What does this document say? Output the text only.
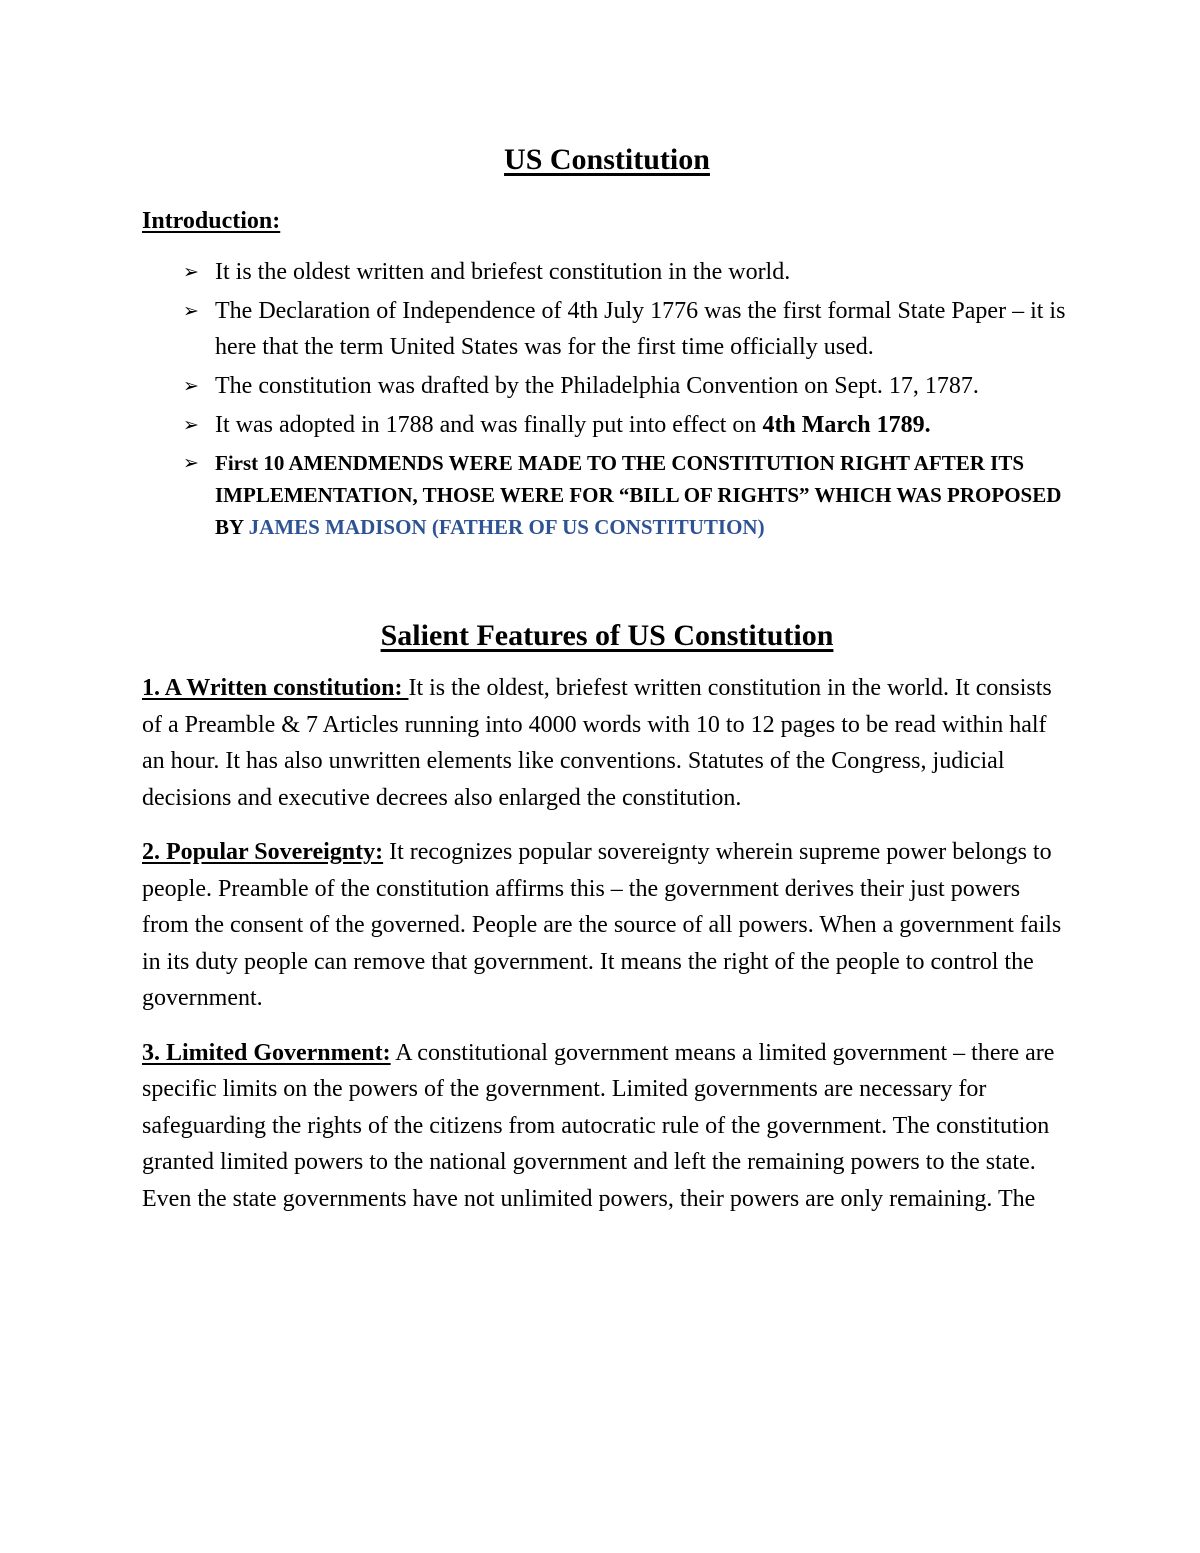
US Constitution
Introduction:
➢ It is the oldest written and briefest constitution in the world.
➢ The Declaration of Independence of 4th July 1776 was the first formal State Paper – it is here that the term United States was for the first time officially used.
➢ The constitution was drafted by the Philadelphia Convention on Sept. 17, 1787.
➢ It was adopted in 1788 and was finally put into effect on 4th March 1789.
➢ First 10 AMENDMENDS WERE MADE TO THE CONSTITUTION RIGHT AFTER ITS IMPLEMENTATION, THOSE WERE FOR “BILL OF RIGHTS” WHICH WAS PROPOSED BY JAMES MADISON (FATHER OF US CONSTITUTION)
Salient Features of US Constitution

1. A Written constitution: It is the oldest, briefest written constitution in the world. It consists of a Preamble & 7 Articles running into 4000 words with 10 to 12 pages to be read within half an hour. It has also unwritten elements like conventions. Statutes of the Congress, judicial decisions and executive decrees also enlarged the constitution.

2. Popular Sovereignty: It recognizes popular sovereignty wherein supreme power belongs to people. Preamble of the constitution affirms this – the government derives their just powers from the consent of the governed. People are the source of all powers. When a government fails in its duty people can remove that government. It means the right of the people to control the government.

3. Limited Government: A constitutional government means a limited government – there are specific limits on the powers of the government. Limited governments are necessary for safeguarding the rights of the citizens from autocratic rule of the government. The constitution granted limited powers to the national government and left the remaining powers to the state. Even the state governments have not unlimited powers, their powers are only remaining. The
